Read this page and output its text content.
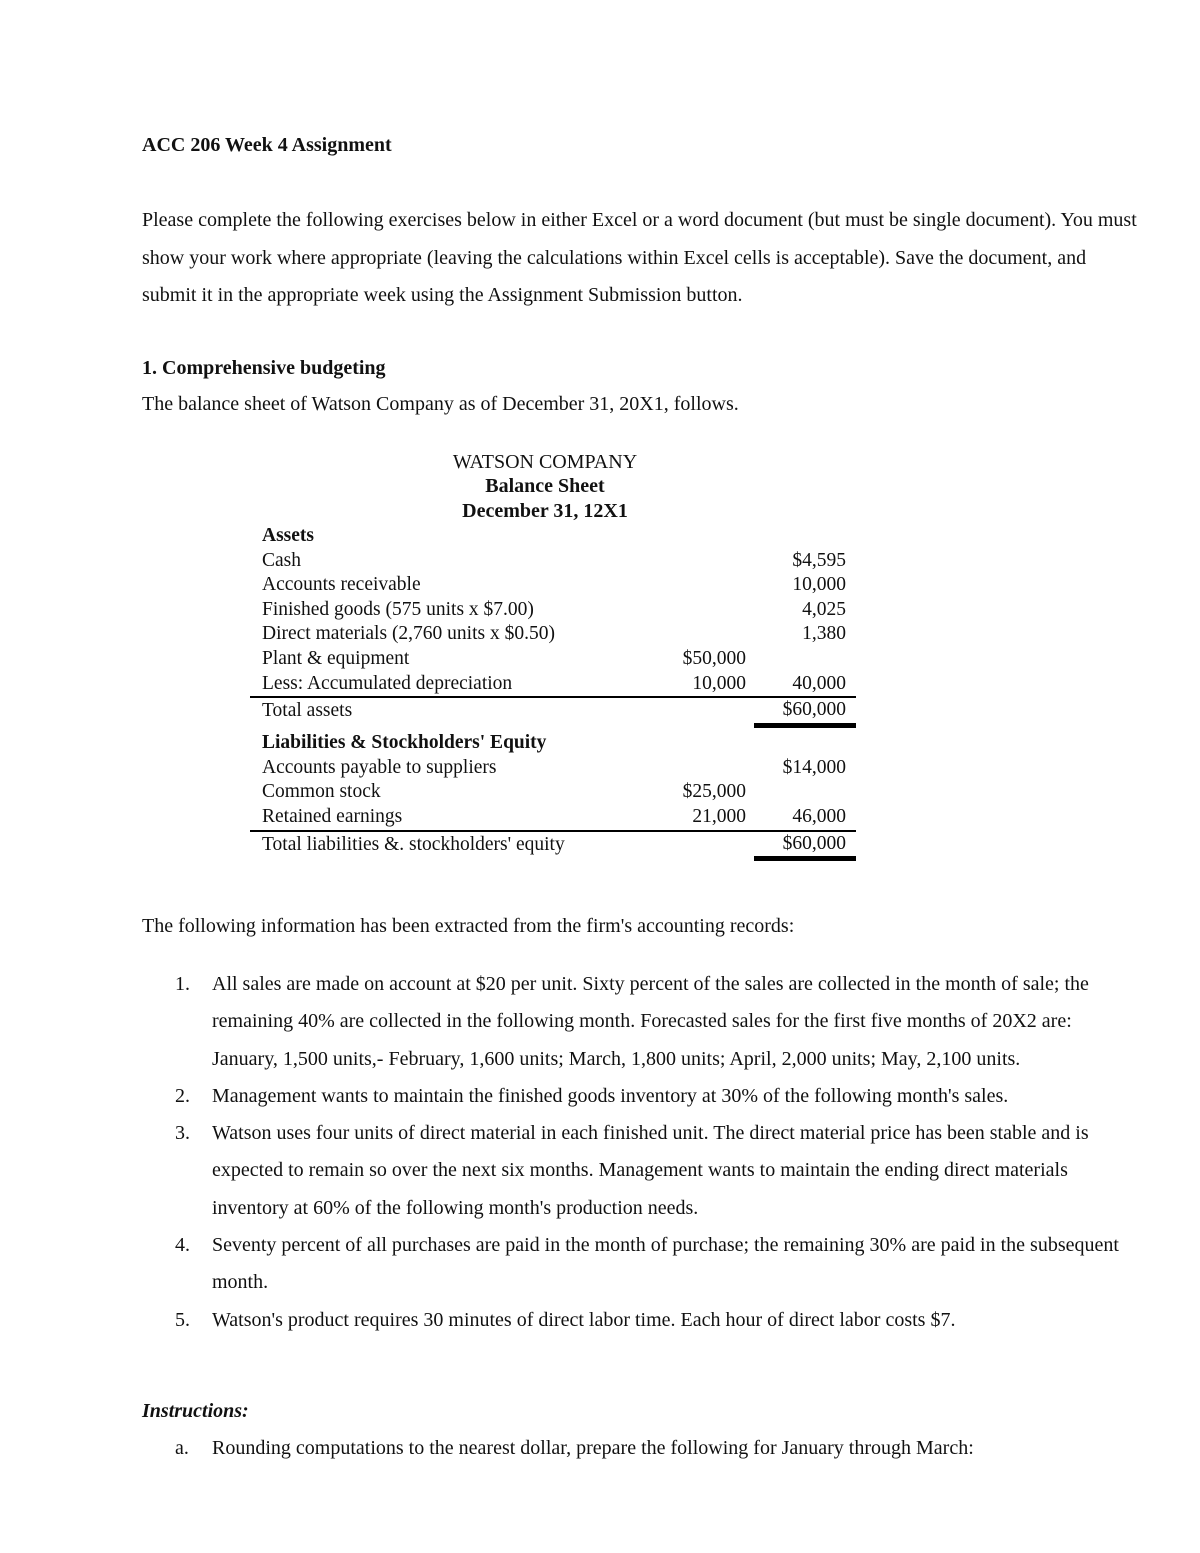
ACC 206 Week 4 Assignment

Please complete the following exercises below in either Excel or a word document (but must be single document). You must show your work where appropriate (leaving the calculations within Excel cells is acceptable). Save the document, and submit it in the appropriate week using the Assignment Submission button.

1. Comprehensive budgeting
The balance sheet of Watson Company as of December 31, 20X1, follows.
WATSON COMPANY
Balance Sheet
December 31, 12X1
Assets		
Cash		$4,595
Accounts receivable		10,000
Finished goods (575 units x $7.00)		4,025
Direct materials (2,760 units x $0.50)		1,380
Plant & equipment	$50,000	
Less: Accumulated depreciation	10,000	40,000
Total assets		$60,000
Liabilities & Stockholders' Equity		
Accounts payable to suppliers		$14,000
Common stock	$25,000	
Retained earnings	21,000	46,000
Total liabilities &. stockholders' equity		$60,000
The following information has been extracted from the firm's accounting records:
1. All sales are made on account at $20 per unit. Sixty percent of the sales are collected in the month of sale; the remaining 40% are collected in the following month. Forecasted sales for the first five months of 20X2 are: January, 1,500 units,- February, 1,600 units; March, 1,800 units; April, 2,000 units; May, 2,100 units.
2. Management wants to maintain the finished goods inventory at 30% of the following month's sales.
3. Watson uses four units of direct material in each finished unit. The direct material price has been stable and is expected to remain so over the next six months. Management wants to maintain the ending direct materials inventory at 60% of the following month's production needs.
4. Seventy percent of all purchases are paid in the month of purchase; the remaining 30% are paid in the subsequent month.
5. Watson's product requires 30 minutes of direct labor time. Each hour of direct labor costs $7.
Instructions:
a. Rounding computations to the nearest dollar, prepare the following for January through March:
